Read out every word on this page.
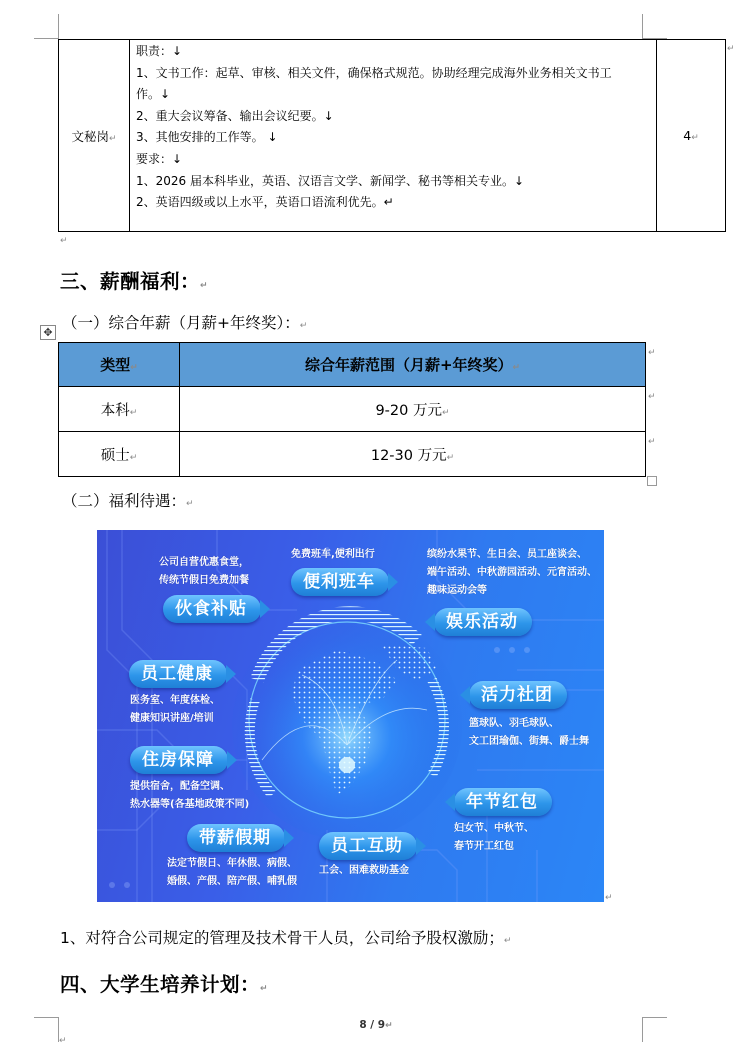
文秘岗↵	
职责：↓
1、文书工作：起草、审核、相关文件，确保格式规范。协助经理完成海外业务相关文书工
作。↓
2、重大会议筹备、输出会议纪要。↓
3、其他安排的工作等。 ↓
要求：↓
1、2026 届本科毕业，英语、汉语言文学、新闻学、秘书等相关专业。↓
2、英语四级或以上水平，英语口语流利优先。↵
	4↵
↵
↵
三、薪酬福利：↵
（一）综合年薪（月薪+年终奖）：↵
✥
类型↵	综合年薪范围（月薪+年终奖）↵
本科↵	9-20 万元↵
硕士↵	12-30 万元↵
↵
↵
↵
（二）福利待遇：↵
公司自营优惠食堂，
传统节假日免费加餐
伙食补贴
免费班车,便利出行
便利班车
缤纷水果节、生日会、员工座谈会、
端午活动、中秋游园活动、元宵活动、
趣味运动会等
娱乐活动
员工健康
医务室、年度体检、
健康知识讲座/培训
活力社团
篮球队、羽毛球队、
文工团瑜伽、街舞、爵士舞
住房保障
提供宿舍，配备空调、
热水器等(各基地政策不同)	年节红包
妇女节、中秋节、
春节开工红包
带薪假期
法定节假日、年休假、病假、
婚假、产假、陪产假、哺乳假
员工互助
工会、困难救助基金
↵
1、对符合公司规定的管理及技术骨干人员，公司给予股权激励；↵
四、大学生培养计划：↵
8 / 9↵
↵
